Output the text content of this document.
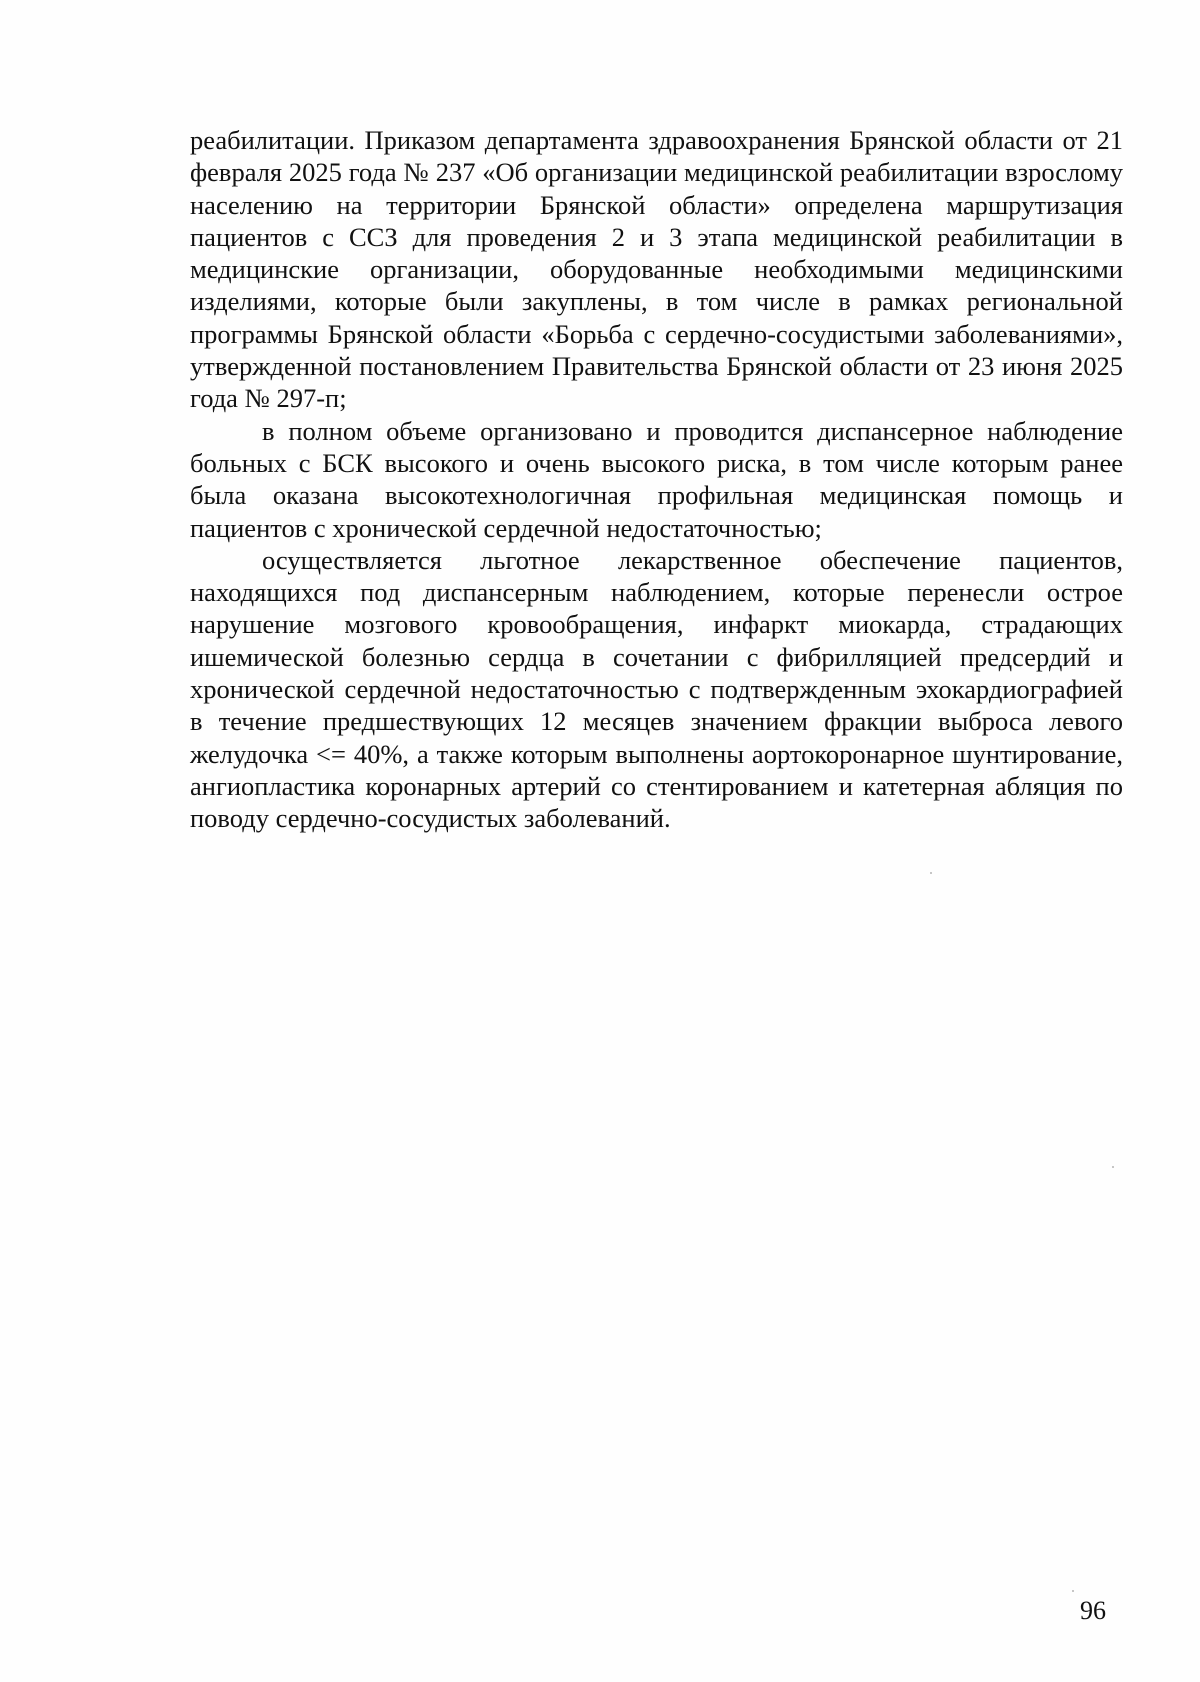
реабилитации. Приказом департамента здравоохранения Брянской области от 21 февраля 2025 года № 237 «Об организации медицинской реабилитации взрослому населению на территории Брянской области» определена маршрутизация пациентов с ССЗ для проведения 2 и 3 этапа медицинской реабилитации в медицинские организации, оборудованные необходимыми медицинскими изделиями, которые были закуплены, в том числе в рамках региональной программы Брянской области «Борьба с сердечно-сосудистыми заболеваниями», утвержденной постановлением Правительства Брянской области от 23 июня 2025 года № 297-п;

в полном объеме организовано и проводится диспансерное наблюдение больных с БСК высокого и очень высокого риска, в том числе которым ранее была оказана высокотехнологичная профильная медицинская помощь и пациентов с хронической сердечной недостаточностью;

осуществляется льготное лекарственное обеспечение пациентов, находящихся под диспансерным наблюдением, которые перенесли острое нарушение мозгового кровообращения, инфаркт миокарда, страдающих ишемической болезнью сердца в сочетании с фибрилляцией предсердий и хронической сердечной недостаточностью с подтвержденным эхокардиографией в течение предшествующих 12 месяцев значением фракции выброса левого желудочка <= 40%, а также которым выполнены аортокоронарное шунтирование, ангиопластика коронарных артерий со стентированием и катетерная абляция по поводу сердечно-сосудистых заболеваний.

96
